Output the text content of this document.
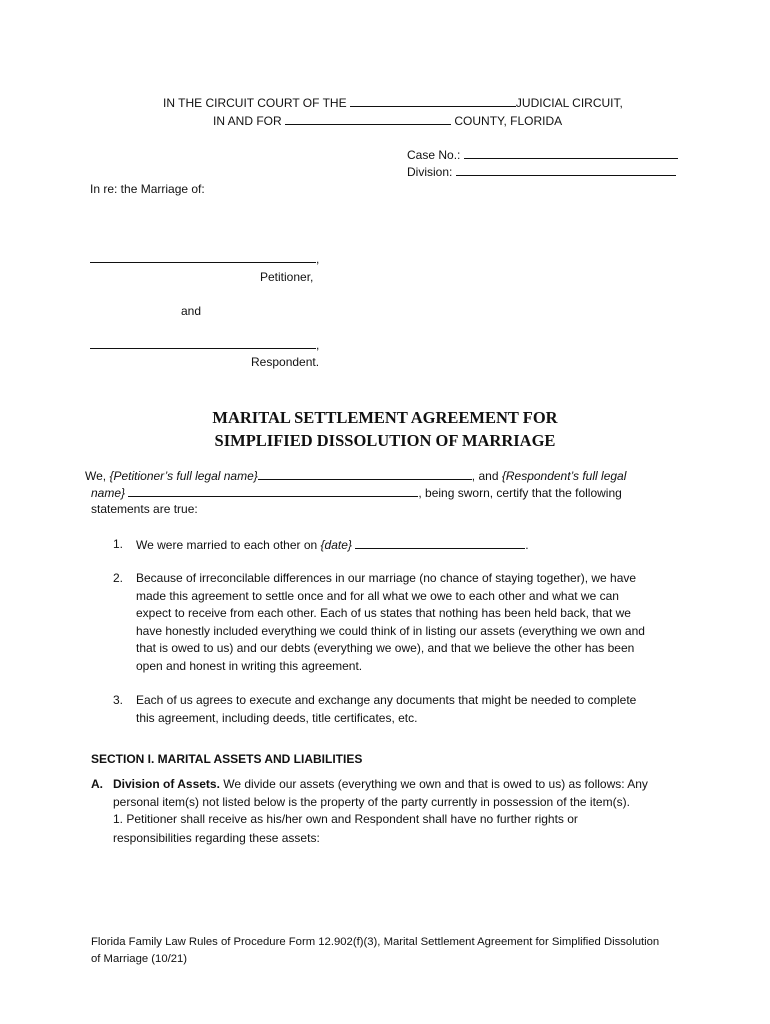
IN THE CIRCUIT COURT OF THE	JUDICIAL CIRCUIT,
IN AND FOR	COUNTY, FLORIDA
Case No.:
Division:
In re: the Marriage of:
,
Petitioner,
and
,
Respondent.
MARITAL SETTLEMENT AGREEMENT FOR
SIMPLIFIED DISSOLUTION OF MARRIAGE
We, {Petitioner’s full legal name}	, and {Respondent’s full legal
name}	, being sworn, certify that the following
statements are true:
1. We were married to each other on {date}	.
2. Because of irreconcilable differences in our marriage (no chance of staying together), we have
made this agreement to settle once and for all what we owe to each other and what we can
expect to receive from each other. Each of us states that nothing has been held back, that we
have honestly included everything we could think of in listing our assets (everything we own and
that is owed to us) and our debts (everything we owe), and that we believe the other has been
open and honest in writing this agreement.
3. Each of us agrees to execute and exchange any documents that might be needed to complete
this agreement, including deeds, title certificates, etc.
SECTION I. MARITAL ASSETS AND LIABILITIES
A. Division of Assets. We divide our assets (everything we own and that is owed to us) as follows: Any
personal item(s) not listed below is the property of the party currently in possession of the item(s).
1. Petitioner shall receive as his/her own and Respondent shall have no further rights or
responsibilities regarding these assets:
Florida Family Law Rules of Procedure Form 12.902(f)(3), Marital Settlement Agreement for Simplified Dissolution
of Marriage (10/21)
